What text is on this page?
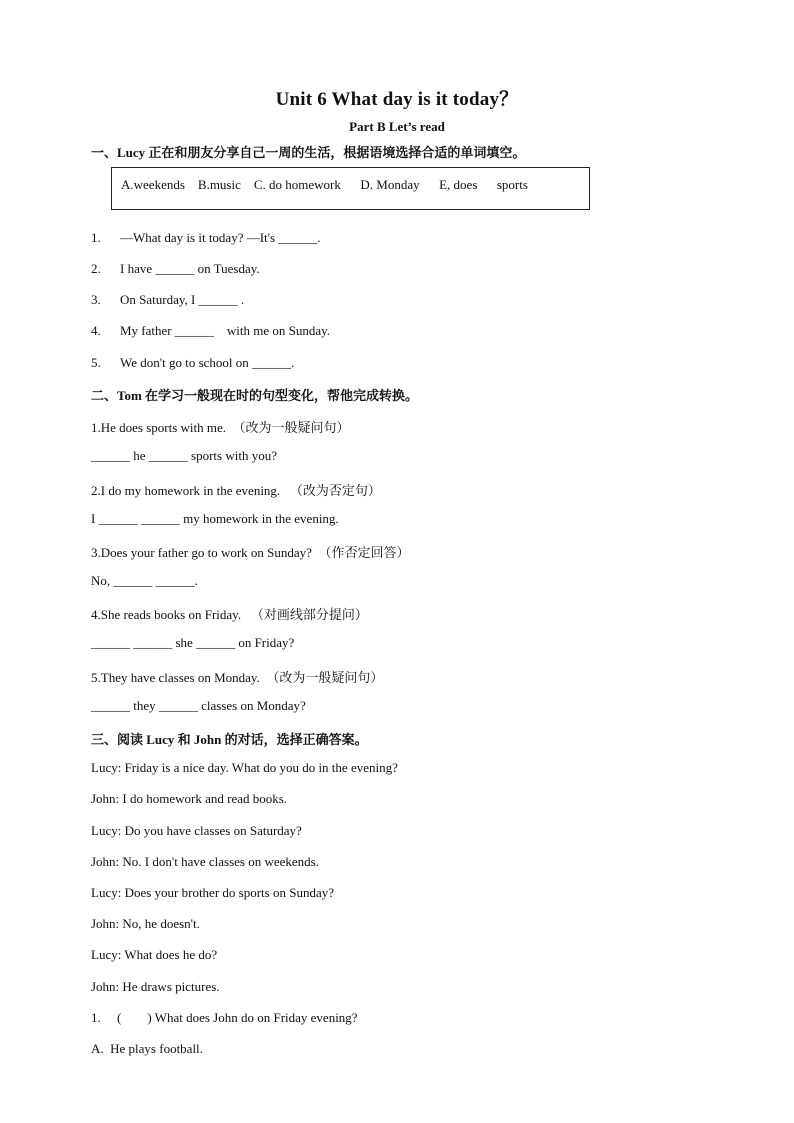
Unit 6 What day is it today？
Part B Let’s read
一、Lucy 正在和朋友分享自己一周的生活，根据语境选择合适的单词填空。
A.weekends    B.music    C. do homework      D. Monday      E, does      sports
1. —What day is it today? —It's ______.
2. I have ______ on Tuesday.
3. On Saturday, I ______ .
4. My father ______    with me on Sunday.
5. We don't go to school on ______.
二、Tom 在学习一般现在时的句型变化，帮他完成转换。
1.He does sports with me.  （改为一般疑问句）
______ he ______ sports with you?
2.I do my homework in the evening.   （改为否定句）
I ______ ______ my homework in the evening.
3.Does your father go to work on Sunday?  （作否定回答）
No, ______ ______.
4.She reads books on Friday.   （对画线部分提问）
______ ______ she ______ on Friday?
5.They have classes on Monday.  （改为一般疑问句）
______ they ______ classes on Monday?
三、阅读 Lucy 和 John 的对话，选择正确答案。
Lucy: Friday is a nice day. What do you do in the evening?
John: I do homework and read books.
Lucy: Do you have classes on Saturday?
John: No. I don't have classes on weekends.
Lucy: Does your brother do sports on Sunday?
John: No, he doesn't.
Lucy: What does he do?
John: He draws pictures.
1. (        ) What does John do on Friday evening?
A.  He plays football.
